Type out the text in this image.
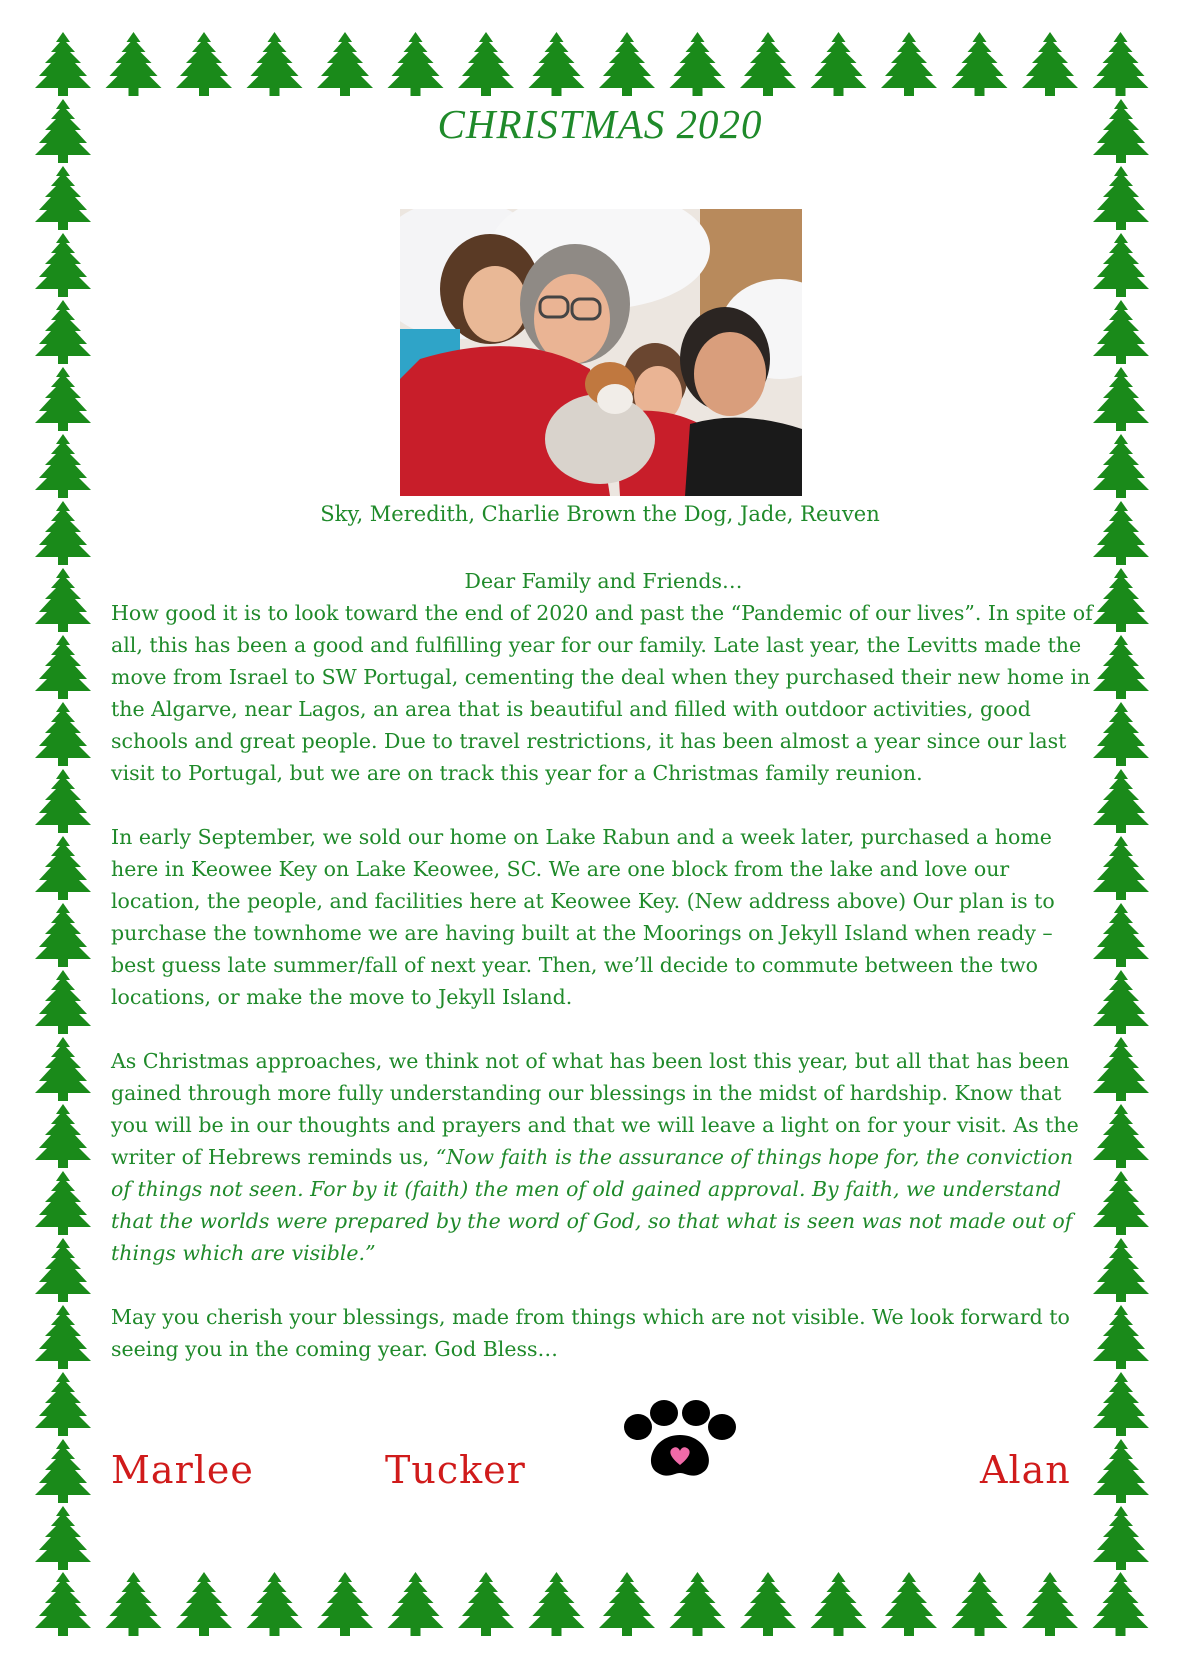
CHRISTMAS 2020
Sky, Meredith, Charlie Brown the Dog, Jade, Reuven
Dear Family and Friends…

How good it is to look toward the end of 2020 and past the “Pandemic of our lives”. In spite of all, this has been a good and fulfilling year for our family. Late last year, the Levitts made the move from Israel to SW Portugal, cementing the deal when they purchased their new home in the Algarve, near Lagos, an area that is beautiful and filled with outdoor activities, good schools and great people. Due to travel restrictions, it has been almost a year since our last visit to Portugal, but we are on track this year for a Christmas family reunion.

In early September, we sold our home on Lake Rabun and a week later, purchased a home here in Keowee Key on Lake Keowee, SC. We are one block from the lake and love our location, the people, and facilities here at Keowee Key. (New address above) Our plan is to purchase the townhome we are having built at the Moorings on Jekyll Island when ready – best guess late summer/fall of next year. Then, we’ll decide to commute between the two locations, or make the move to Jekyll Island.

As Christmas approaches, we think not of what has been lost this year, but all that has been gained through more fully understanding our blessings in the midst of hardship. Know that you will be in our thoughts and prayers and that we will leave a light on for your visit. As the writer of Hebrews reminds us, “Now faith is the assurance of things hope for, the conviction of things not seen. For by it (faith) the men of old gained approval. By faith, we understand that the worlds were prepared by the word of God, so that what is seen was not made out of things which are visible.”

May you cherish your blessings, made from things which are not visible. We look forward to seeing you in the coming year. God Bless…

Marlee	Tucker	Alan
